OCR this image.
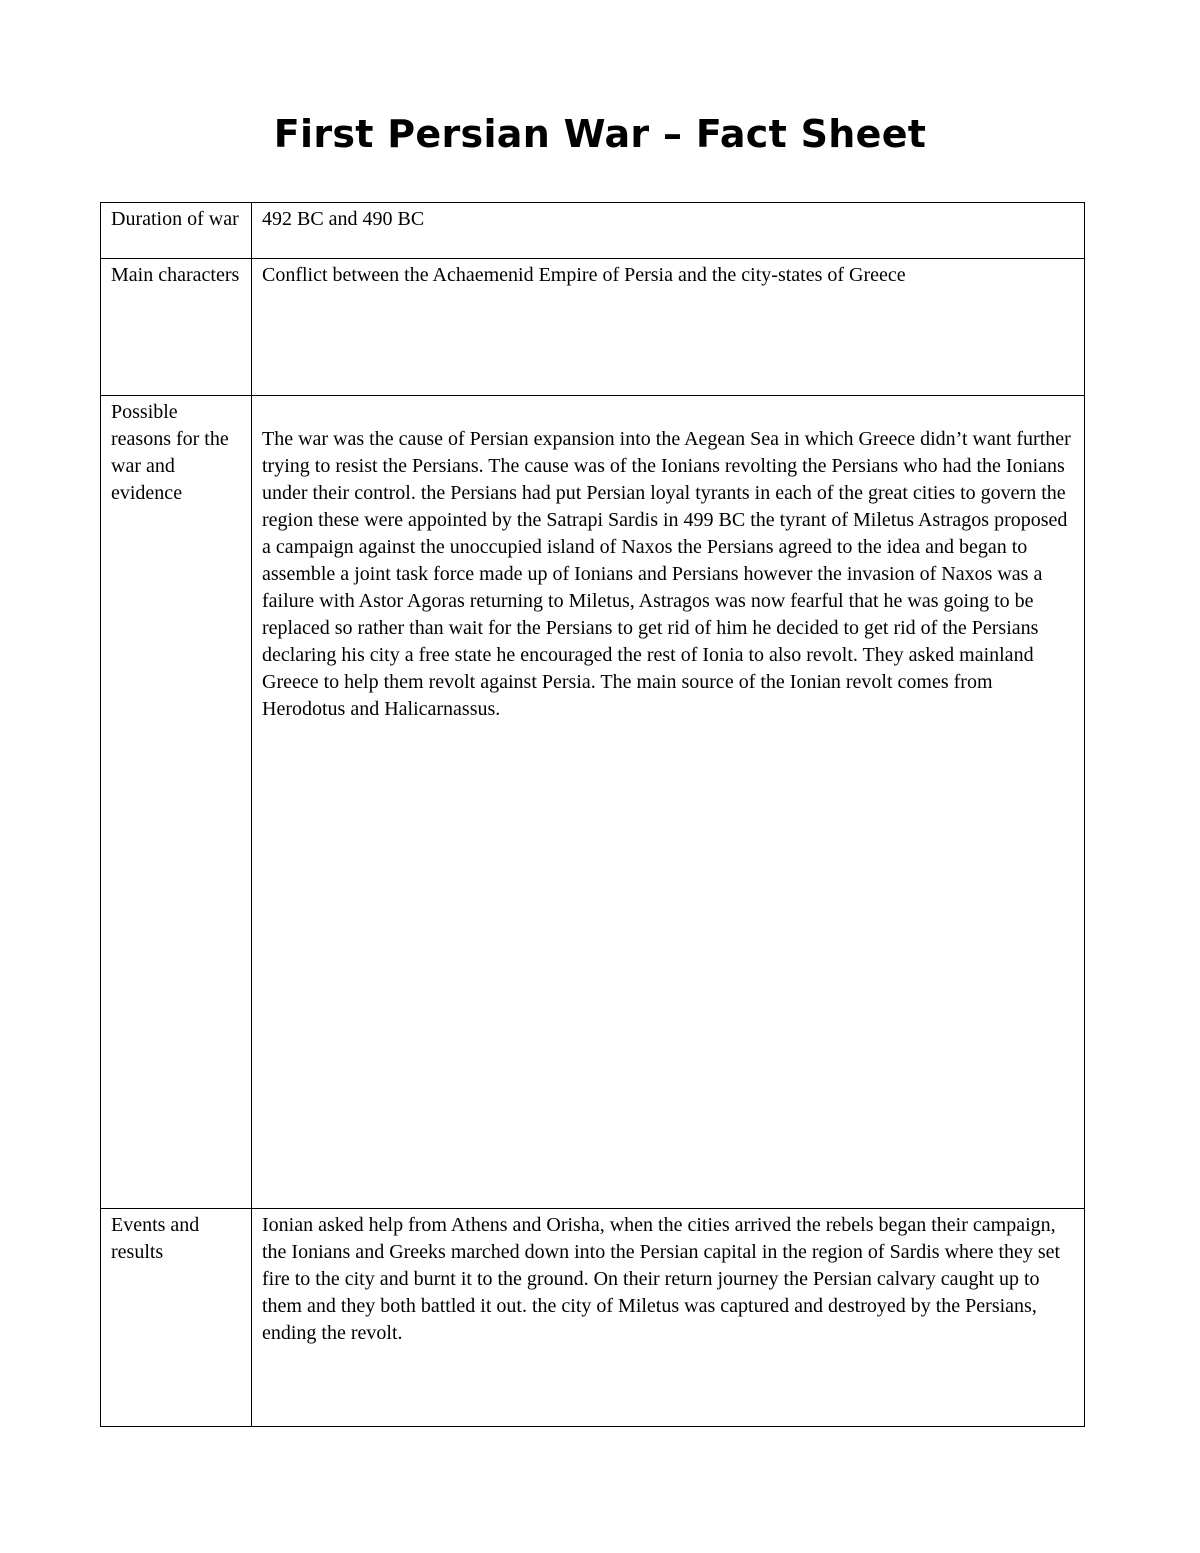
First Persian War – Fact Sheet

Duration of war	492 BC and 490 BC

Main characters	Conflict between the Achaemenid Empire of Persia and the city-states of Greece

Possible reasons for the war and evidence	The war was the cause of Persian expansion into the Aegean Sea in which Greece didn’t want further trying to resist the Persians. The cause was of the Ionians revolting the Persians who had the Ionians under their control. the Persians had put Persian loyal tyrants in each of the great cities to govern the region these were appointed by the Satrapi Sardis in 499 BC the tyrant of Miletus Astragos proposed a campaign against the unoccupied island of Naxos the Persians agreed to the idea and began to assemble a joint task force made up of Ionians and Persians however the invasion of Naxos was a failure with Astor Agoras returning to Miletus, Astragos was now fearful that he was going to be replaced so rather than wait for the Persians to get rid of him he decided to get rid of the Persians declaring his city a free state he encouraged the rest of Ionia to also revolt. They asked mainland Greece to help them revolt against Persia. The main source of the Ionian revolt comes from Herodotus and Halicarnassus.

Events and results	Ionian asked help from Athens and Orisha, when the cities arrived the rebels began their campaign, the Ionians and Greeks marched down into the Persian capital in the region of Sardis where they set fire to the city and burnt it to the ground. On their return journey the Persian calvary caught up to them and they both battled it out. the city of Miletus was captured and destroyed by the Persians, ending the revolt.
